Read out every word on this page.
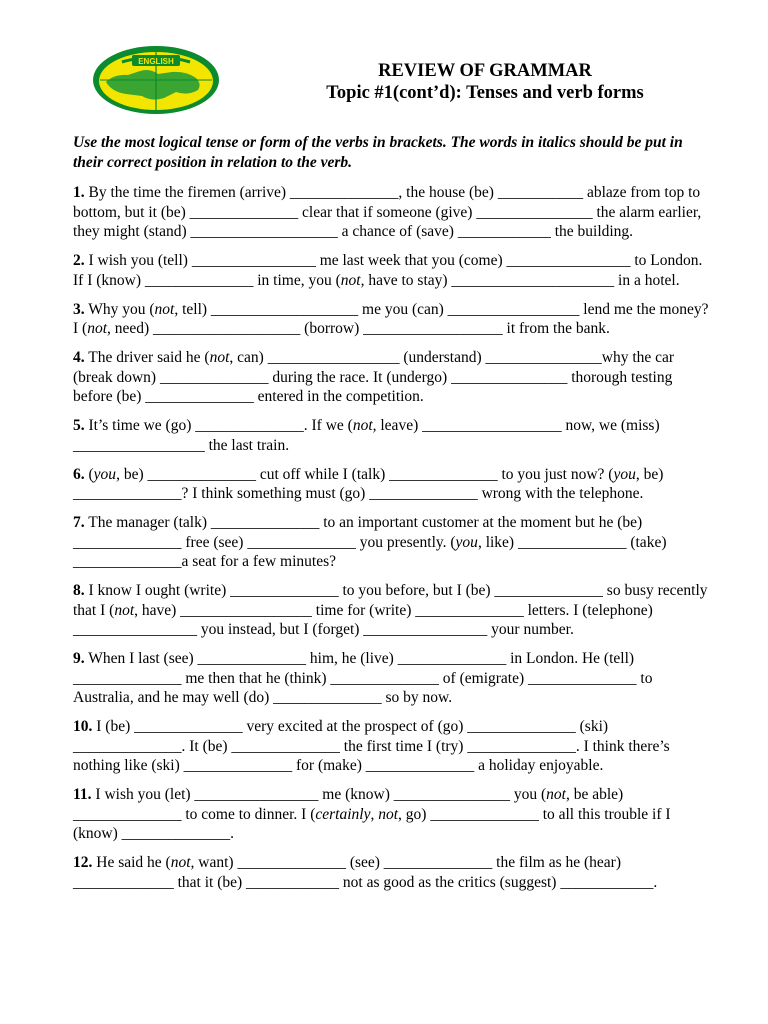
ENGLISH	REVIEW OF GRAMMAR
Topic #1(cont’d): Tenses and verb forms
Use the most logical tense or form of the verbs in brackets. The words in italics should be put in their correct position in relation to the verb.
1. By the time the firemen (arrive) ______________, the house (be) ___________ ablaze from top to bottom, but it (be) ______________ clear that if someone (give) _______________ the alarm earlier, they might (stand) ___________________ a chance of (save) ____________ the building.
2. I wish you (tell) ________________ me last week that you (come) ________________ to London. If I (know) ______________ in time, you (not, have to stay) _____________________ in a hotel.
3. Why you (not, tell) ___________________ me you (can) _________________ lend me the money? I (not, need) ___________________ (borrow) __________________ it from the bank.
4. The driver said he (not, can) _________________ (understand) _______________why the car (break down) ______________ during the race. It (undergo) _______________ thorough testing before (be) ______________ entered in the competition.
5. It’s time we (go) ______________. If we (not, leave) __________________ now, we (miss) _________________ the last train.
6. (you, be) ______________ cut off while I (talk) ______________ to you just now? (you, be) ______________? I think something must (go) ______________ wrong with the telephone.
7. The manager (talk) ______________ to an important customer at the moment but he (be) ______________ free (see) ______________ you presently. (you, like) ______________ (take) ______________a seat for a few minutes?
8. I know I ought (write) ______________ to you before, but I (be) ______________ so busy recently that I (not, have) _________________ time for (write) ______________ letters. I (telephone) ________________ you instead, but I (forget) ________________ your number.
9. When I last (see) ______________ him, he (live) ______________ in London. He (tell) ______________ me then that he (think) ______________ of (emigrate) ______________ to Australia, and he may well (do) ______________ so by now.
10. I (be) ______________ very excited at the prospect of (go) ______________ (ski) ______________. It (be) ______________ the first time I (try) ______________. I think there’s nothing like (ski) ______________ for (make) ______________ a holiday enjoyable.
11. I wish you (let) ________________ me (know) _______________ you (not, be able) ______________ to come to dinner. I (certainly, not, go) ______________ to all this trouble if I (know) ______________.
12. He said he (not, want) ______________ (see) ______________ the film as he (hear) _____________ that it (be) ____________ not as good as the critics (suggest) ____________.
